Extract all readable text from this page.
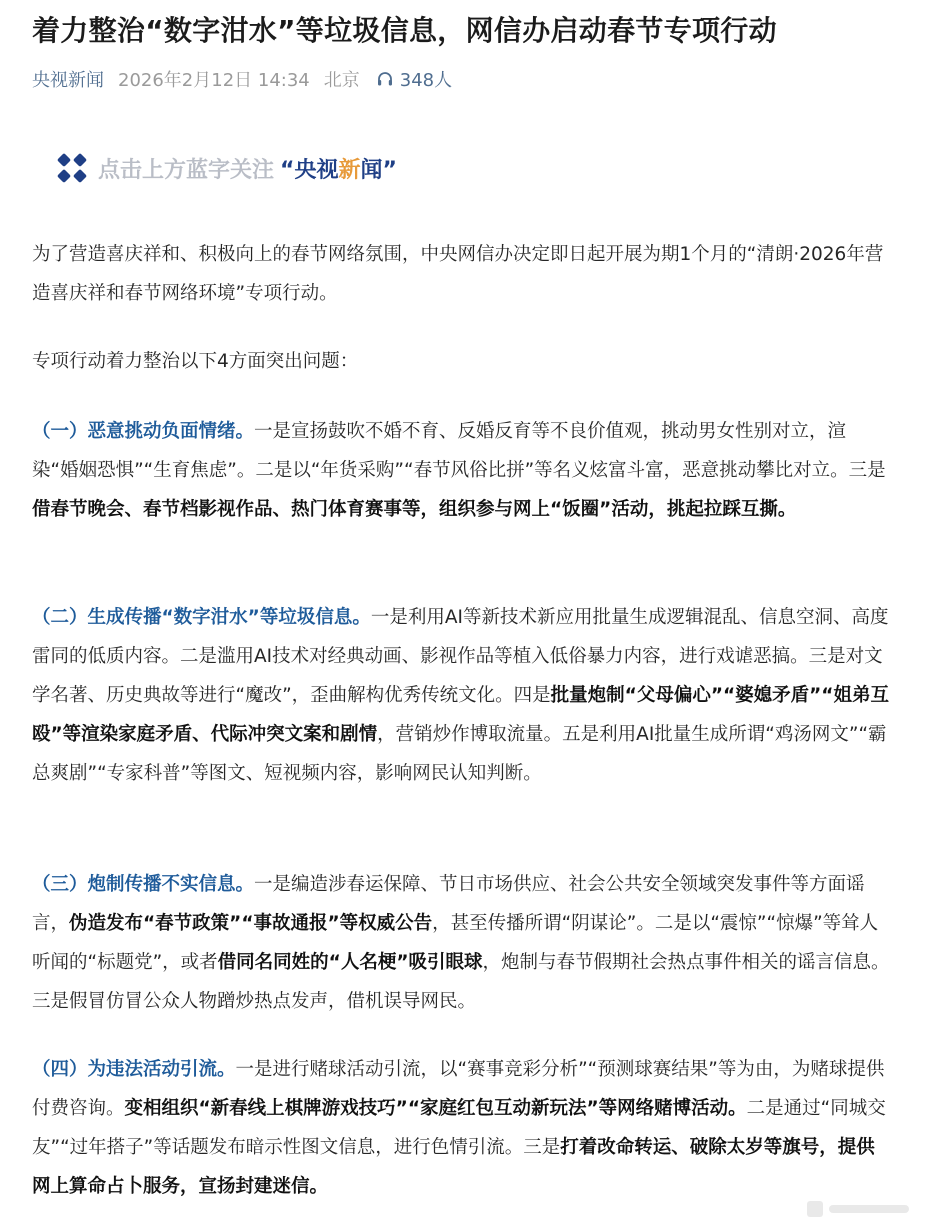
着力整治“数字泔水”等垃圾信息，网信办启动春节专项行动
央视新闻 2026年2月12日 14:34 北京 348人
点击上方蓝字关注 “央视 新 闻”
为了营造喜庆祥和、积极向上的春节网络氛围，中央网信办决定即日起开展为期1个月的“清朗·2026年营造喜庆祥和春节网络环境”专项行动。
专项行动着力整治以下4方面突出问题：
（一）恶意挑动负面情绪。一是宣扬鼓吹不婚不育、反婚反育等不良价值观，挑动男女性别对立，渲染“婚姻恐惧”“生育焦虑”。二是以“年货采购”“春节风俗比拼”等名义炫富斗富，恶意挑动攀比对立。三是借春节晚会、春节档影视作品、热门体育赛事等，组织参与网上“饭圈”活动，挑起拉踩互撕。
（二）生成传播“数字泔水”等垃圾信息。一是利用AI等新技术新应用批量生成逻辑混乱、信息空洞、高度雷同的低质内容。二是滥用AI技术对经典动画、影视作品等植入低俗暴力内容，进行戏谑恶搞。三是对文学名著、历史典故等进行“魔改”，歪曲解构优秀传统文化。四是批量炮制“父母偏心”“婆媳矛盾”“姐弟互殴”等渲染家庭矛盾、代际冲突文案和剧情，营销炒作博取流量。五是利用AI批量生成所谓“鸡汤网文”“霸总爽剧”“专家科普”等图文、短视频内容，影响网民认知判断。
（三）炮制传播不实信息。一是编造涉春运保障、节日市场供应、社会公共安全领域突发事件等方面谣言，伪造发布“春节政策”“事故通报”等权威公告，甚至传播所谓“阴谋论”。二是以“震惊”“惊爆”等耸人听闻的“标题党”，或者借同名同姓的“人名梗”吸引眼球，炮制与春节假期社会热点事件相关的谣言信息。三是假冒仿冒公众人物蹭炒热点发声，借机误导网民。
（四）为违法活动引流。一是进行赌球活动引流，以“赛事竞彩分析”“预测球赛结果”等为由，为赌球提供付费咨询。变相组织“新春线上棋牌游戏技巧”“家庭红包互动新玩法”等网络赌博活动。二是通过“同城交友”“过年搭子”等话题发布暗示性图文信息，进行色情引流。三是打着改命转运、破除太岁等旗号，提供网上算命占卜服务，宣扬封建迷信。
